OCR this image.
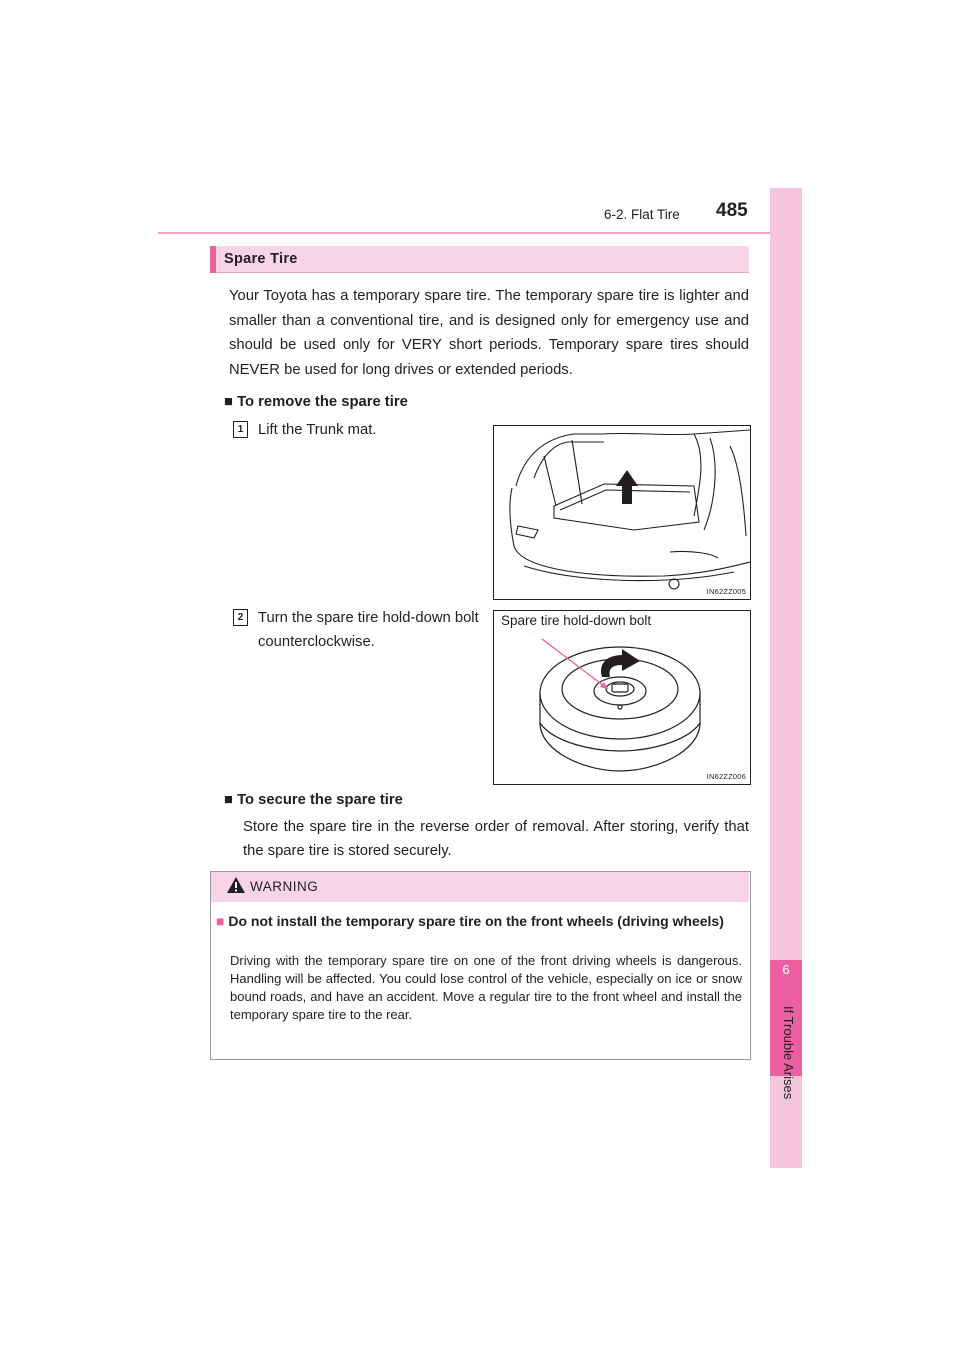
6-2. Flat Tire 485
6
If Trouble Arises
Spare Tire
Your Toyota has a temporary spare tire. The temporary spare tire is lighter and smaller than a conventional tire, and is designed only for emergency use and should be used only for VERY short periods. Temporary spare tires should NEVER be used for long drives or extended periods.
■ To remove the spare tire
1 Lift the Trunk mat.
IN62ZZ005
2 Turn the spare tire hold-down bolt counterclockwise.
Spare tire hold-down bolt
IN62ZZ006
■ To secure the spare tire
Store the spare tire in the reverse order of removal. After storing, verify that the spare tire is stored securely.
WARNING
■ Do not install the temporary spare tire on the front wheels (driving wheels)
Driving with the temporary spare tire on one of the front driving wheels is dangerous. Handling will be affected. You could lose control of the vehicle, especially on ice or snow bound roads, and have an accident. Move a regular tire to the front wheel and install the temporary spare tire to the rear.
